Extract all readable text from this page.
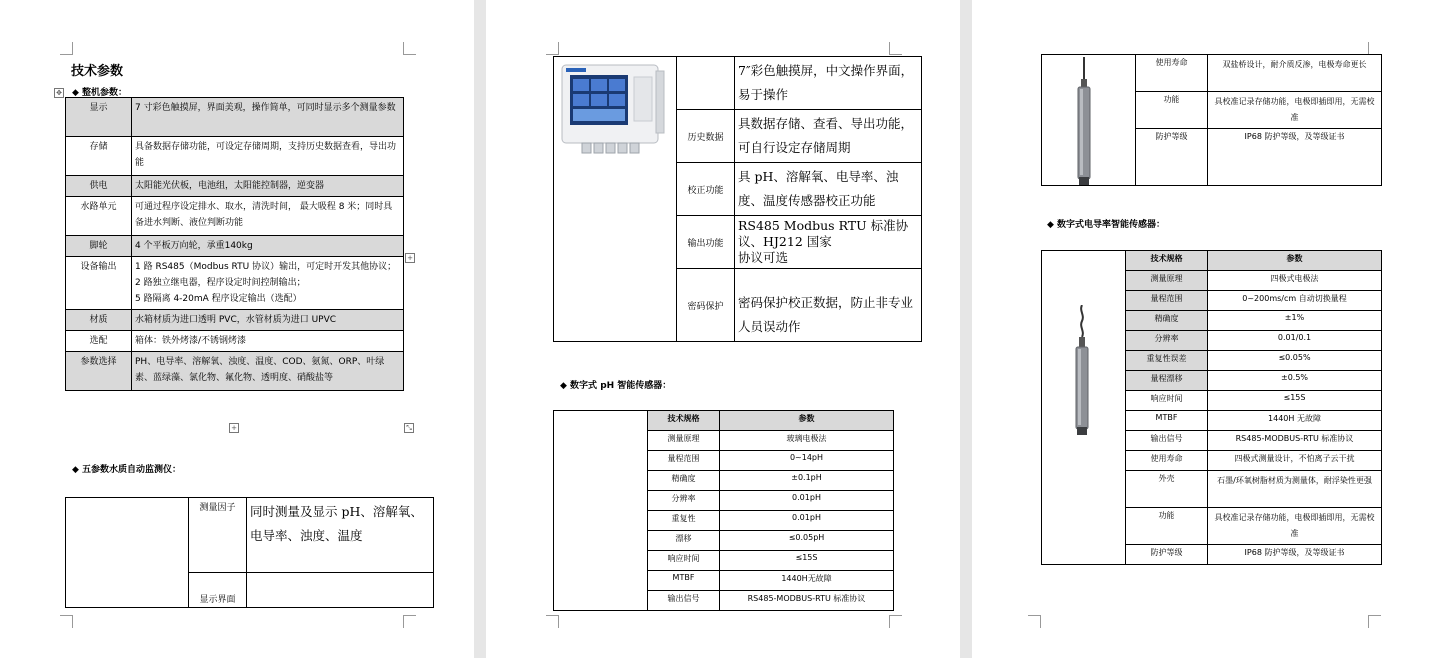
技术参数
✥ ◆ 整机参数：
显示	7 寸彩色触摸屏，界面美观，操作简单，可同时显示多个测量参数
存储	具备数据存储功能，可设定存储周期，支持历史数据查看，导出功能
供电	太阳能光伏板，电池组，太阳能控制器，逆变器
水路单元	可通过程序设定排水、取水，清洗时间， 最大吸程 8 米；同时具备进水判断、液位判断功能
脚轮	4 个平板万向轮，承重140kg
设备输出	1 路 RS485（Modbus RTU 协议）输出，可定时开发其他协议；
2 路独立继电器，程序设定时间控制输出；
5 路隔离 4-20mA 程序设定输出（选配）

材质	水箱材质为进口透明 PVC，水管材质为进口 UPVC
选配	箱体：铁外烤漆/不锈钢烤漆
参数选择	PH、电导率、溶解氧、浊度、温度、COD、氨氮、ORP、叶绿素、蓝绿藻、氯化物、氟化物、透明度、硝酸盐等
+
+	⤡
◆ 五参数水质自动监测仪：
	测量因子	同时测量及显示 pH、溶解氧、电导率、浊度、温度
	显示界面	
		7″彩色触摸屏，中文操作界面，易于操作
	历史数据	具数据存储、查看、导出功能，可自行设定存储周期
	校正功能	具 pH、溶解氧、电导率、浊度、温度传感器校正功能
	输出功能	RS485 Modbus RTU 标准协议、HJ212 国家
协议可选

	密码保护	密码保护校正数据，防止非专业人员误动作
◆ 数字式 pH 智能传感器：
	技术规格	参数
	测量原理	玻璃电极法
	量程范围	0~14pH
	精确度	±0.1pH
	分辨率	0.01pH
	重复性	0.01pH
	漂移	≤0.05pH
	响应时间	≤15S
	MTBF	1440H无故障
	输出信号	RS485-MODBUS-RTU 标准协议
	使用寿命	双盐桥设计，耐介质反渗，电极寿命更长
	功能	具校准记录存储功能，电极即插即用，无需校准
	防护等级	IP68 防护等级，及等级证书
◆ 数字式电导率智能传感器：
	技术规格	参数
	测量原理	四极式电极法
	量程范围	0~200ms/cm 自动切换量程
	精确度	±1%
	分辨率	0.01/0.1
	重复性误差	≤0.05%
	量程漂移	±0.5%
	响应时间	≤15S
	MTBF	1440H 无故障
	输出信号	RS485-MODBUS-RTU 标准协议
	使用寿命	四极式测量设计，不怕离子云干扰
	外壳	石墨/环氧树脂材质为测量体，耐浮染性更强
	功能	具校准记录存储功能，电极即插即用，无需校准
	防护等级	IP68 防护等级，及等级证书
